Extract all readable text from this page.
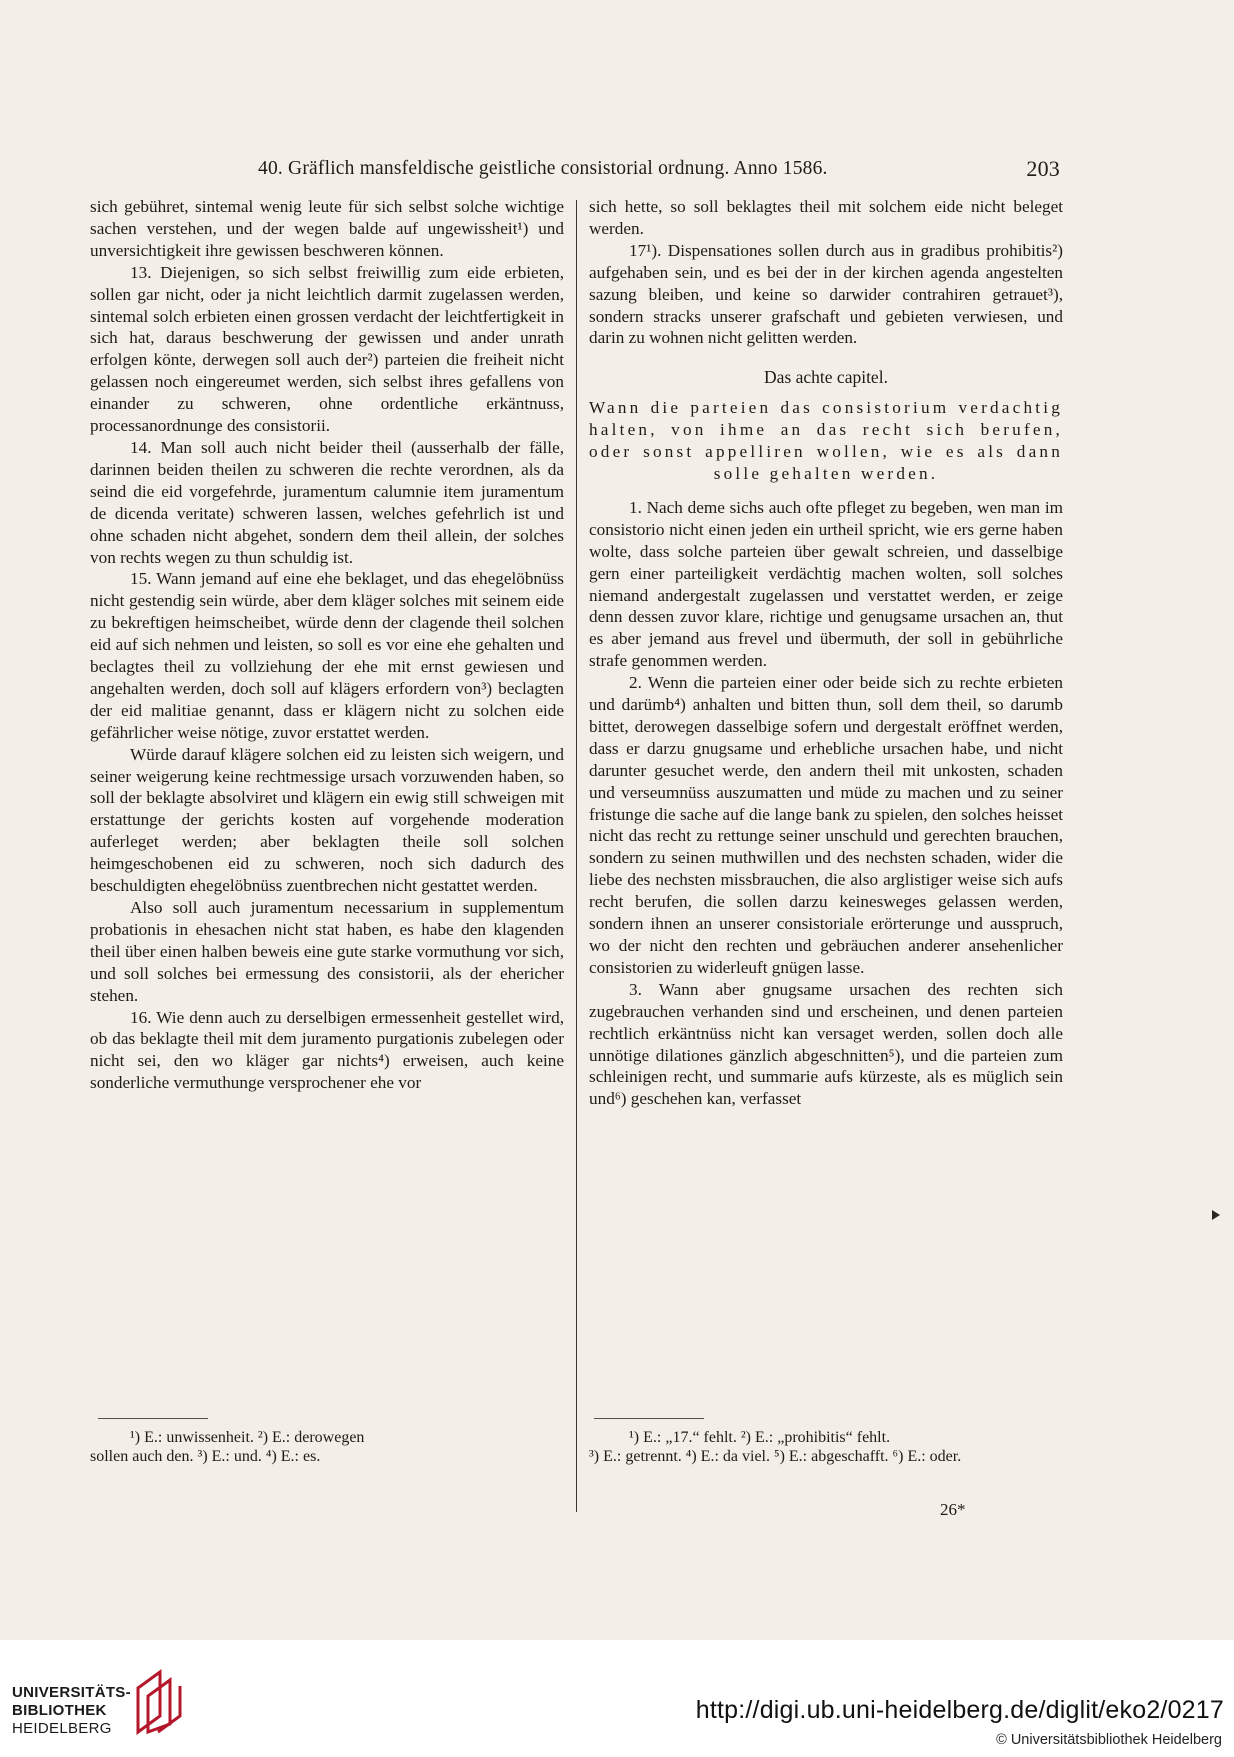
40. Gräflich mansfeldische geistliche consistorial ordnung. Anno 1586.	203

sich gebühret, sintemal wenig leute für sich selbst solche wichtige sachen verstehen, und der wegen balde auf ungewissheit¹) und unversichtigkeit ihre gewissen beschweren können.

13. Diejenigen, so sich selbst freiwillig zum eide erbieten, sollen gar nicht, oder ja nicht leichtlich darmit zugelassen werden, sintemal solch erbieten einen grossen verdacht der leichtfertigkeit in sich hat, daraus beschwerung der gewissen und ander unrath erfolgen könte, derwegen soll auch der²) parteien die freiheit nicht gelassen noch eingereumet werden, sich selbst ihres gefallens von einander zu schweren, ohne ordentliche erkäntnuss, processanordnunge des consistorii.

14. Man soll auch nicht beider theil (ausserhalb der fälle, darinnen beiden theilen zu schweren die rechte verordnen, als da seind die eid vorgefehrde, juramentum calumnie item juramentum de dicenda veritate) schweren lassen, welches gefehrlich ist und ohne schaden nicht abgehet, sondern dem theil allein, der solches von rechts wegen zu thun schuldig ist.

15. Wann jemand auf eine ehe beklaget, und das ehegelöbnüss nicht gestendig sein würde, aber dem kläger solches mit seinem eide zu bekreftigen heimscheibet, würde denn der clagende theil solchen eid auf sich nehmen und leisten, so soll es vor eine ehe gehalten und beclagtes theil zu vollziehung der ehe mit ernst gewiesen und angehalten werden, doch soll auf klägers erfordern von³) beclagten der eid malitiae genannt, dass er klägern nicht zu solchen eide gefährlicher weise nötige, zuvor erstattet werden.

Würde darauf klägere solchen eid zu leisten sich weigern, und seiner weigerung keine rechtmessige ursach vorzuwenden haben, so soll der beklagte absolviret und klägern ein ewig still schweigen mit erstattunge der gerichts kosten auf vorgehende moderation auferleget werden; aber beklagten theile soll solchen heimgeschobenen eid zu schweren, noch sich dadurch des beschuldigten ehegelöbnüss zuentbrechen nicht gestattet werden.

Also soll auch juramentum necessarium in supplementum probationis in ehesachen nicht stat haben, es habe den klagenden theil über einen halben beweis eine gute starke vormuthung vor sich, und soll solches bei ermessung des consistorii, als der ehericher stehen.

16. Wie denn auch zu derselbigen ermessenheit gestellet wird, ob das beklagte theil mit dem juramento purgationis zubelegen oder nicht sei, den wo kläger gar nichts⁴) erweisen, auch keine sonderliche vermuthunge versprochener ehe vor

sich hette, so soll beklagtes theil mit solchem eide nicht beleget werden.

17¹). Dispensationes sollen durch aus in gradibus prohibitis²) aufgehaben sein, und es bei der in der kirchen agenda angestelten sazung bleiben, und keine so darwider contrahiren getrauet³), sondern stracks unserer grafschaft und gebieten verwiesen, und darin zu wohnen nicht gelitten werden.

Das achte capitel.

Wann die parteien das consistorium verdachtig halten, von ihme an das recht sich berufen, oder sonst appelliren wollen, wie es als dann solle gehalten werden.

1. Nach deme sichs auch ofte pfleget zu begeben, wen man im consistorio nicht einen jeden ein urtheil spricht, wie ers gerne haben wolte, dass solche parteien über gewalt schreien, und dasselbige gern einer parteiligkeit verdächtig machen wolten, soll solches niemand andergestalt zugelassen und verstattet werden, er zeige denn dessen zuvor klare, richtige und genugsame ursachen an, thut es aber jemand aus frevel und übermuth, der soll in gebührliche strafe genommen werden.

2. Wenn die parteien einer oder beide sich zu rechte erbieten und darümb⁴) anhalten und bitten thun, soll dem theil, so darumb bittet, derowegen dasselbige sofern und dergestalt eröffnet werden, dass er darzu gnugsame und erhebliche ursachen habe, und nicht darunter gesuchet werde, den andern theil mit unkosten, schaden und verseumnüss auszumatten und müde zu machen und zu seiner fristunge die sache auf die lange bank zu spielen, den solches heisset nicht das recht zu rettunge seiner unschuld und gerechten brauchen, sondern zu seinen muthwillen und des nechsten schaden, wider die liebe des nechsten missbrauchen, die also arglistiger weise sich aufs recht berufen, die sollen darzu keinesweges gelassen werden, sondern ihnen an unserer consistoriale erörterunge und ausspruch, wo der nicht den rechten und gebräuchen anderer ansehenlicher consistorien zu widerleuft gnügen lasse.

3. Wann aber gnugsame ursachen des rechten sich zugebrauchen verhanden sind und erscheinen, und denen parteien rechtlich erkäntnüss nicht kan versaget werden, sollen doch alle unnötige dilationes gänzlich abgeschnitten⁵), und die parteien zum schleinigen recht, und summarie aufs kürzeste, als es müglich sein und⁶) geschehen kan, verfasset

¹) E.: unwissenheit. ²) E.: derowegen

sollen auch den. ³) E.: und. ⁴) E.: es.

¹) E.: „17.“ fehlt. ²) E.: „prohibitis“ fehlt.

³) E.: getrennt. ⁴) E.: da viel. ⁵) E.: abgeschafft. ⁶) E.: oder.

26*
UNIVERSITÄTS-
BIBLIOTHEK
HEIDELBERG
http://digi.ub.uni-heidelberg.de/diglit/eko2/0217
© Universitätsbibliothek Heidelberg
